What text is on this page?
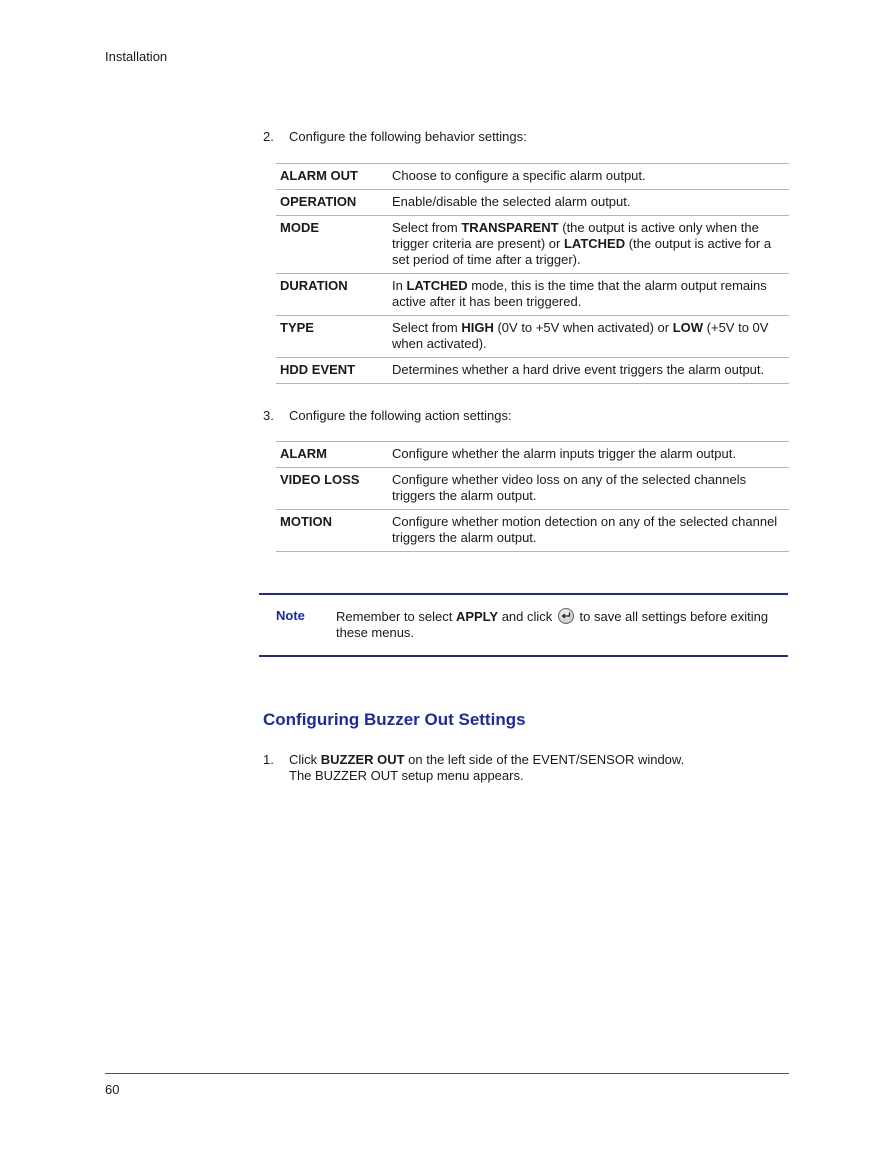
Installation
2. Configure the following behavior settings:
ALARM OUT	Choose to configure a specific alarm output.
OPERATION	Enable/disable the selected alarm output.
MODE	Select from TRANSPARENT (the output is active only when the trigger criteria are present) or LATCHED (the output is active for a set period of time after a trigger).
DURATION	In LATCHED mode, this is the time that the alarm output remains active after it has been triggered.
TYPE	Select from HIGH (0V to +5V when activated) or LOW (+5V to 0V when activated).
HDD EVENT	Determines whether a hard drive event triggers the alarm output.
3. Configure the following action settings:
ALARM	Configure whether the alarm inputs trigger the alarm output.
VIDEO LOSS	Configure whether video loss on any of the selected channels triggers the alarm output.
MOTION	Configure whether motion detection on any of the selected channel triggers the alarm output.
Note Remember to select APPLY and click
to save all settings before exiting these menus.
Configuring Buzzer Out Settings
1. Click BUZZER OUT on the left side of the EVENT/SENSOR window.
The BUZZER OUT setup menu appears.
60
